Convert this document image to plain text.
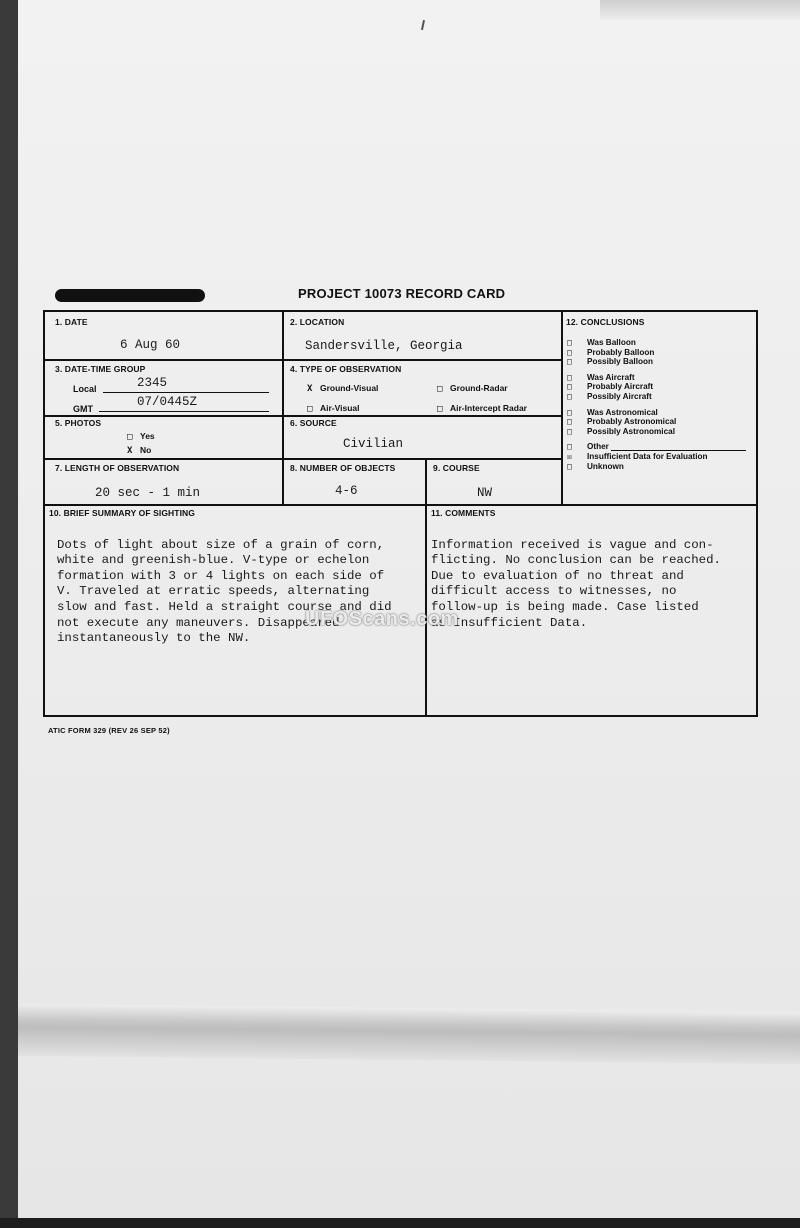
PROJECT 10073 RECORD CARD
1. DATE
6 Aug 60
2. LOCATION
Sandersville, Georgia
3. DATE-TIME GROUP
Local	2345
GMT	07/0445Z
4. TYPE OF OBSERVATION
X Ground-Visual	□ Ground-Radar
□ Air-Visual	□ Air-Intercept Radar
5. PHOTOS
□ Yes
X No
6. SOURCE
Civilian
7. LENGTH OF OBSERVATION
20 sec - 1 min
8. NUMBER OF OBJECTS
4-6
9. COURSE
NW
12. CONCLUSIONS
□	Was Balloon
□	Probably Balloon
□	Possibly Balloon
□	Was Aircraft
□	Probably Aircraft
□	Possibly Aircraft
□	Was Astronomical
□	Probably Astronomical
□	Possibly Astronomical
□	Other
☒	Insufficient Data for Evaluation
□	Unknown
10. BRIEF SUMMARY OF SIGHTING

Dots of light about size of a grain of corn,
white and greenish-blue. V-type or echelon
formation with 3 or 4 lights on each side of
V. Traveled at erratic speeds, alternating
slow and fast. Held a straight course and did
not execute any maneuvers. Disappeared
instantaneously to the NW.

11. COMMENTS

Information received is vague and con-
flicting. No conclusion can be reached.
Due to evaluation of no threat and
difficult access to witnesses, no
follow-up is being made. Case listed
as Insufficient Data.

UFOScans.com
ATIC FORM 329 (REV 26 SEP 52)
